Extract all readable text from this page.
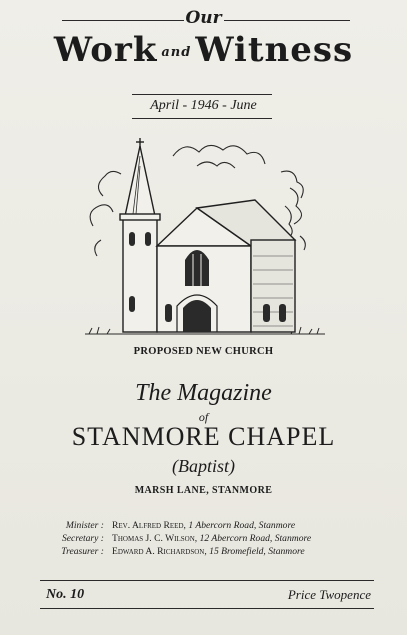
Our
Work and Witness
April - 1946 - June
PROPOSED NEW CHURCH
The Magazine
of
STANMORE CHAPEL
(Baptist)
MARSH LANE, STANMORE
Minister : Rev. Alfred Reed, 1 Abercorn Road, Stanmore
Secretary : Thomas J. C. Wilson, 12 Abercorn Road, Stanmore
Treasurer : Edward A. Richardson, 15 Bromefield, Stanmore
No. 10	Price Twopence
